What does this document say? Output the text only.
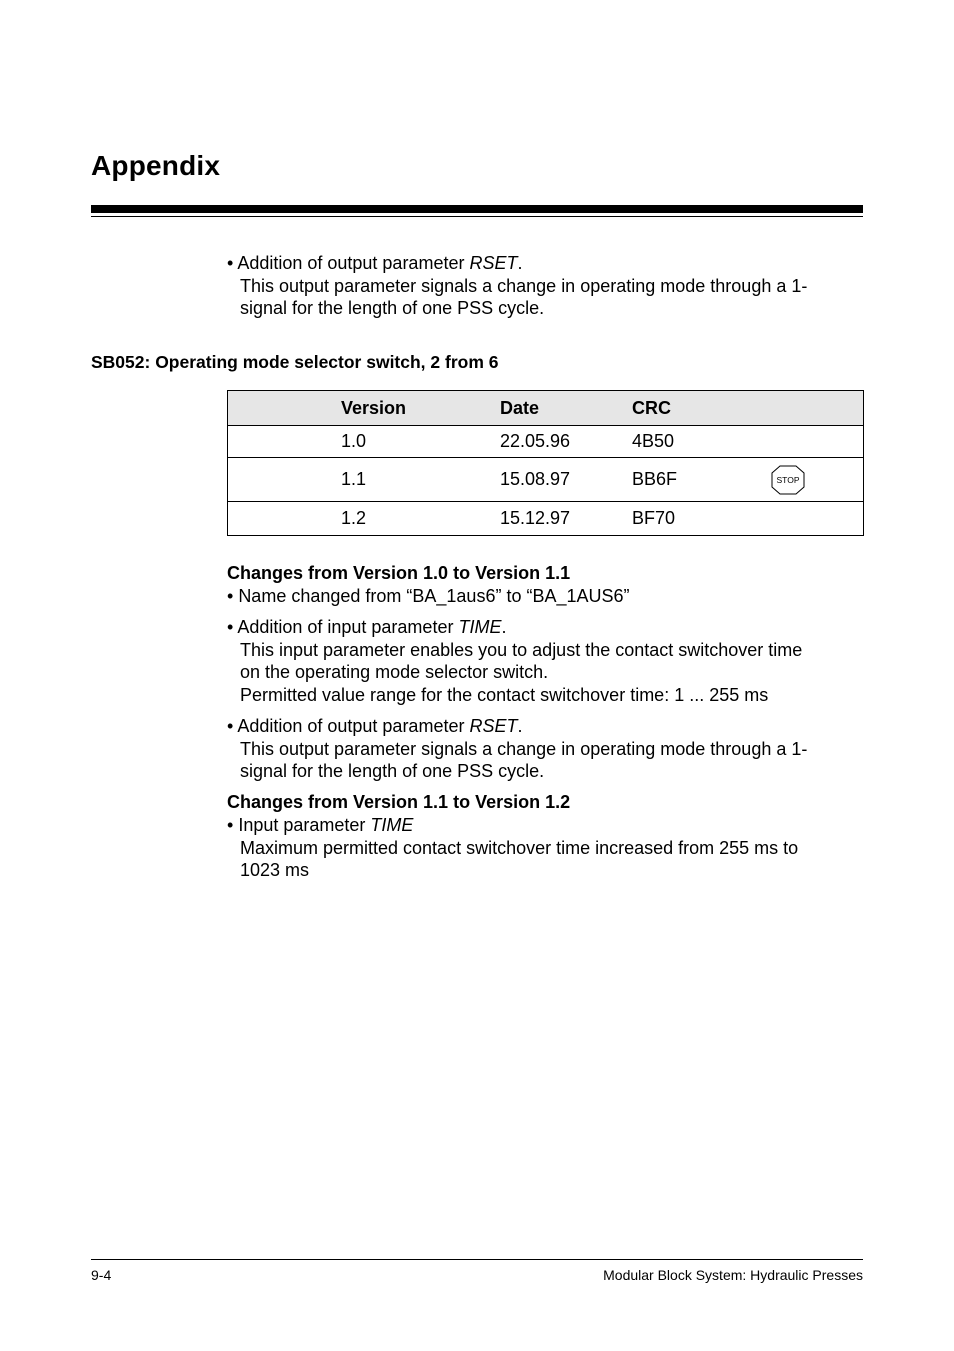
Appendix
• Addition of output parameter RSET.
This output parameter signals a change in operating mode through a 1-
signal for the length of one PSS cycle.
SB052: Operating mode selector switch, 2 from 6
	Version	Date	CRC	
	1.0	22.05.96	4B50	
	1.1	15.08.97	BB6F	STOP

	1.2	15.12.97	BF70	
Changes from Version 1.0 to Version 1.1
• Name changed from “BA_1aus6” to “BA_1AUS6”
• Addition of input parameter TIME.
This input parameter enables you to adjust the contact switchover time
on the operating mode selector switch.
Permitted value range for the contact switchover time: 1 ... 255 ms
• Addition of output parameter RSET.
This output parameter signals a change in operating mode through a 1-
signal for the length of one PSS cycle.
Changes from Version 1.1 to Version 1.2
• Input parameter TIME
Maximum permitted contact switchover time increased from 255 ms to
1023 ms
9-4	Modular Block System: Hydraulic Presses
